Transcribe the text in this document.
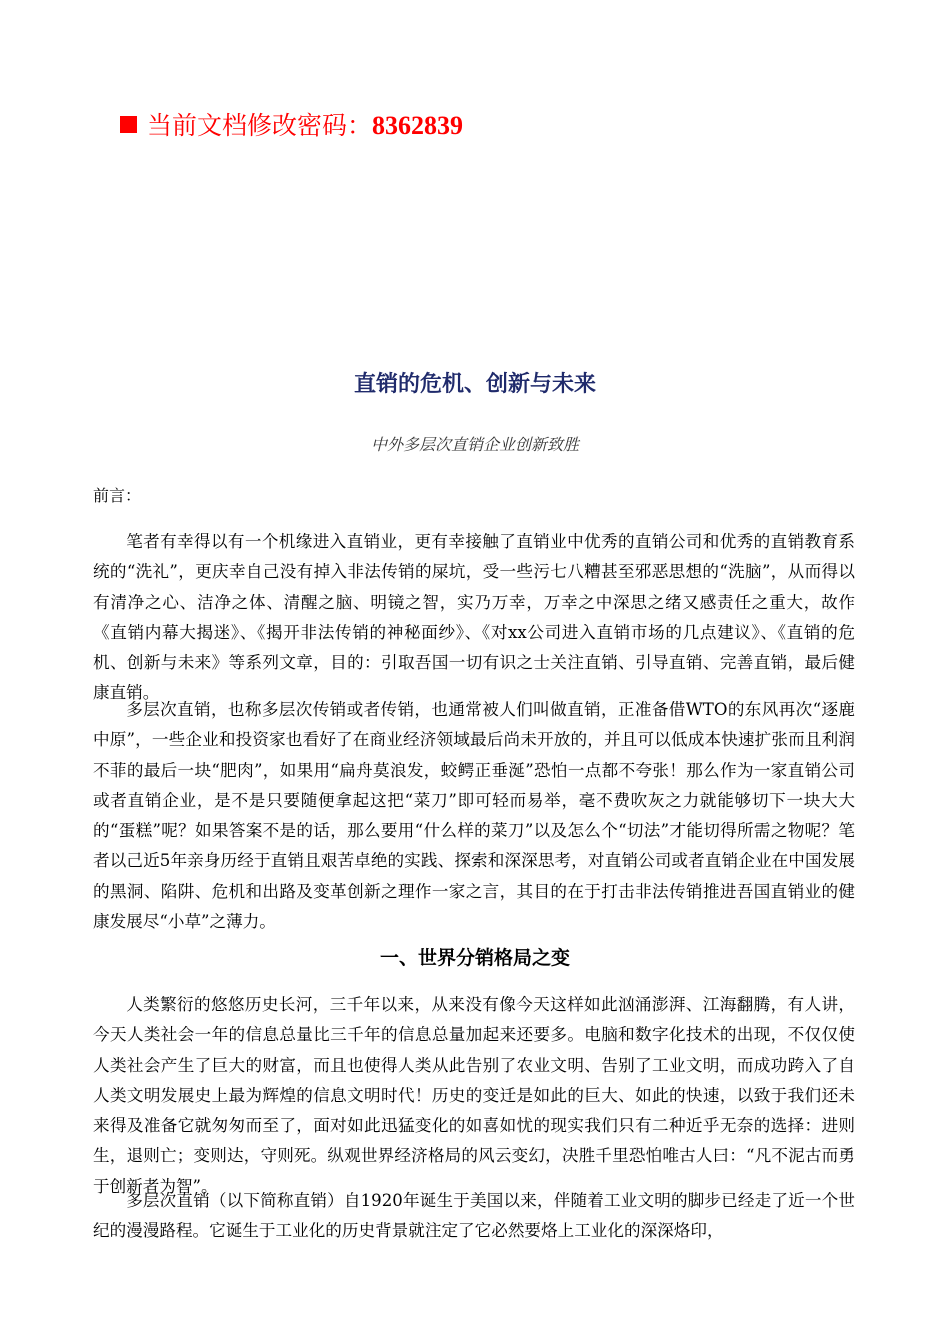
当前文档修改密码：8362839
直销的危机、创新与未来
中外多层次直销企业创新致胜
前言：

笔者有幸得以有一个机缘进入直销业，更有幸接触了直销业中优秀的直销公司和优秀的直销教育系统的“洗礼”，更庆幸自己没有掉入非法传销的屎坑，受一些污七八糟甚至邪恶思想的“洗脑”，从而得以有清净之心、洁净之体、清醒之脑、明镜之智，实乃万幸，万幸之中深思之绪又感责任之重大，故作《直销内幕大揭迷》、《揭开非法传销的神秘面纱》、《对xx公司进入直销市场的几点建议》、《直销的危机、创新与未来》等系列文章，目的：引取吾国一切有识之士关注直销、引导直销、完善直销，最后健康直销。

多层次直销，也称多层次传销或者传销，也通常被人们叫做直销，正准备借WTO的东风再次“逐鹿中原”，一些企业和投资家也看好了在商业经济领域最后尚未开放的，并且可以低成本快速扩张而且利润不菲的最后一块“肥肉”，如果用“扁舟莫浪发，蛟鳄正垂涎”恐怕一点都不夸张！那么作为一家直销公司或者直销企业，是不是只要随便拿起这把“菜刀”即可轻而易举，毫不费吹灰之力就能够切下一块大大的“蛋糕”呢？如果答案不是的话，那么要用“什么样的菜刀”以及怎么个“切法”才能切得所需之物呢？笔者以己近5年亲身历经于直销且艰苦卓绝的实践、探索和深深思考，对直销公司或者直销企业在中国发展的黑洞、陷阱、危机和出路及变革创新之理作一家之言，其目的在于打击非法传销推进吾国直销业的健康发展尽“小草”之薄力。

一、世界分销格局之变

人类繁衍的悠悠历史长河，三千年以来，从来没有像今天这样如此汹涌澎湃、江海翻腾，有人讲，今天人类社会一年的信息总量比三千年的信息总量加起来还要多。电脑和数字化技术的出现，不仅仅使人类社会产生了巨大的财富，而且也使得人类从此告别了农业文明、告别了工业文明，而成功跨入了自人类文明发展史上最为辉煌的信息文明时代！历史的变迁是如此的巨大、如此的快速，以致于我们还未来得及准备它就匆匆而至了，面对如此迅猛变化的如喜如忧的现实我们只有二种近乎无奈的选择：进则生，退则亡；变则达，守则死。纵观世界经济格局的风云变幻，决胜千里恐怕唯古人曰：“凡不泥古而勇于创新者为智”。

多层次直销（以下简称直销）自1920年诞生于美国以来，伴随着工业文明的脚步已经走了近一个世纪的漫漫路程。它诞生于工业化的历史背景就注定了它必然要烙上工业化的深深烙印，
